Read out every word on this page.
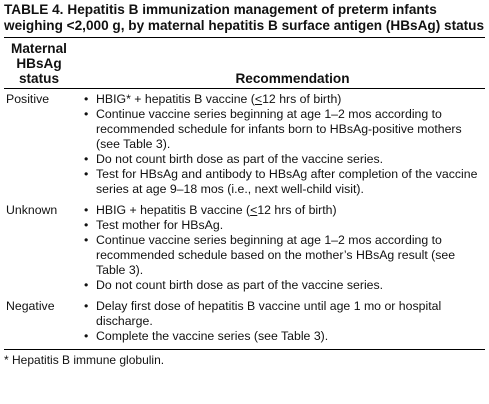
TABLE 4. Hepatitis B immunization management of preterm infants weighing <2,000 g, by maternal hepatitis B surface antigen (HBsAg) status

Maternal
HBsAg
status	Recommendation
Positive	• HBIG* + hepatitis B vaccine (<12 hrs of birth)
• Continue vaccine series beginning at age 1–2 mos according to recommended schedule for infants born to HBsAg-positive mothers (see Table 3).
• Do not count birth dose as part of the vaccine series.
• Test for HBsAg and antibody to HBsAg after completion of the vaccine series at age 9–18 mos (i.e., next well-child visit).
Unknown	• HBIG + hepatitis B vaccine (<12 hrs of birth)
• Test mother for HBsAg.
• Continue vaccine series beginning at age 1–2 mos according to recommended schedule based on the mother’s HBsAg result (see Table 3).
• Do not count birth dose as part of the vaccine series.
Negative	• Delay first dose of hepatitis B vaccine until age 1 mo or hospital discharge.
• Complete the vaccine series (see Table 3).
* Hepatitis B immune globulin.
